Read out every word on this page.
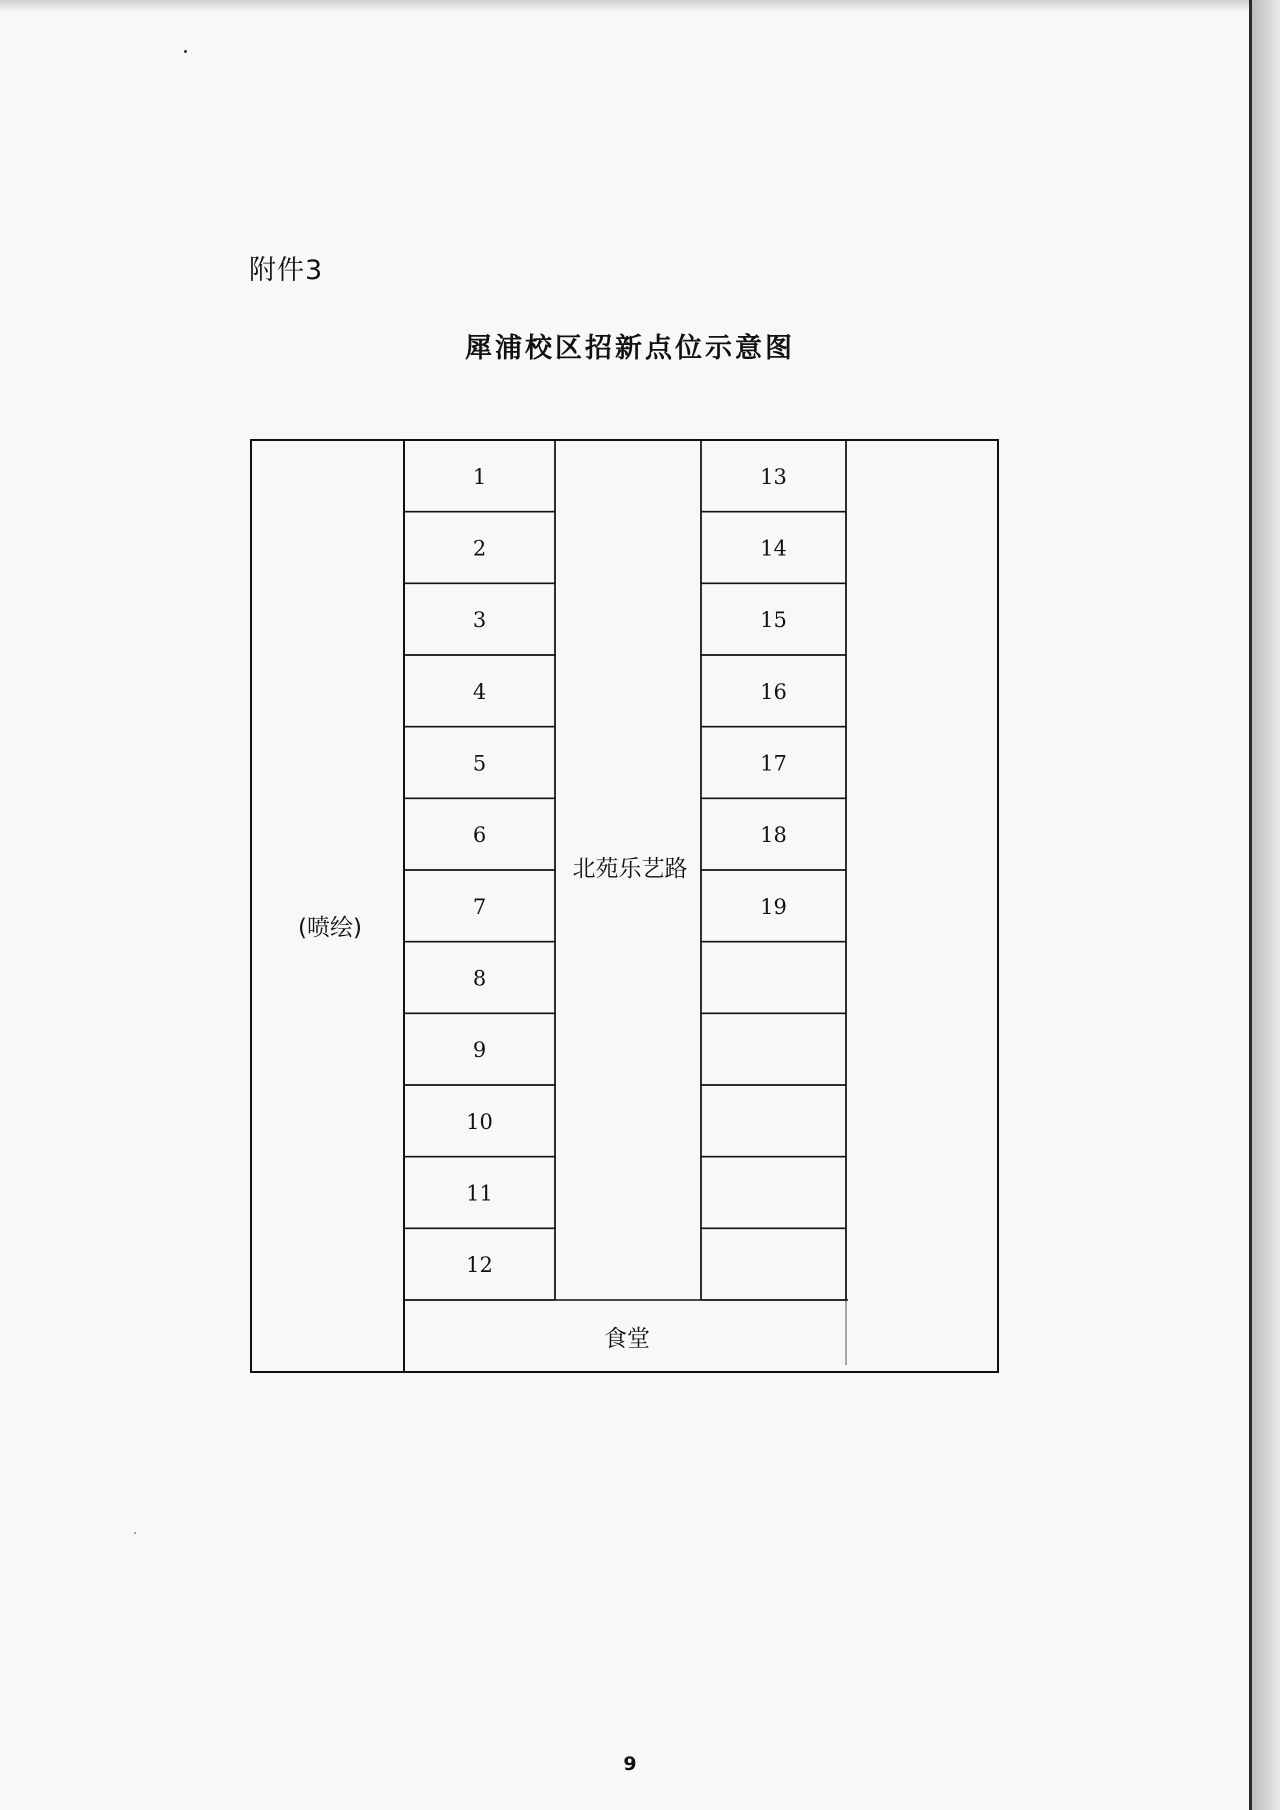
附件3
犀浦校区招新点位示意图
1
2
3
4
5
6
7
8
9
10
11
12
13
14
15
16
17
18
19
(喷绘)
北苑乐艺路
食堂
9
